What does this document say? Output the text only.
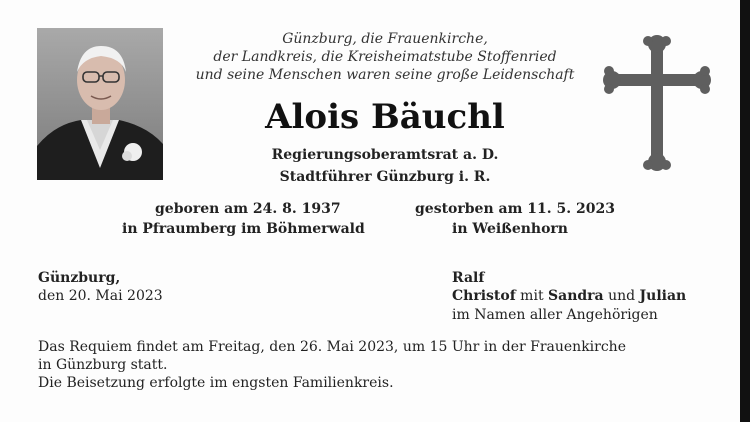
Günzburg, die Frauenkirche,
der Landkreis, die Kreisheimatstube Stoffenried
und seine Menschen waren seine große Leidenschaft
Alois Bäuchl
Regierungsoberamtsrat a. D.
Stadtführer Günzburg i. R.
geboren am 24. 8. 1937
in Pfraumberg im Böhmerwald
gestorben am 11. 5. 2023
in Weißenhorn
Günzburg,
den 20. Mai 2023
Ralf
Christof mit Sandra und Julian
im Namen aller Angehörigen
Das Requiem findet am Freitag, den 26. Mai 2023, um 15 Uhr in der Frauenkirche
in Günzburg statt.
Die Beisetzung erfolgte im engsten Familienkreis.
